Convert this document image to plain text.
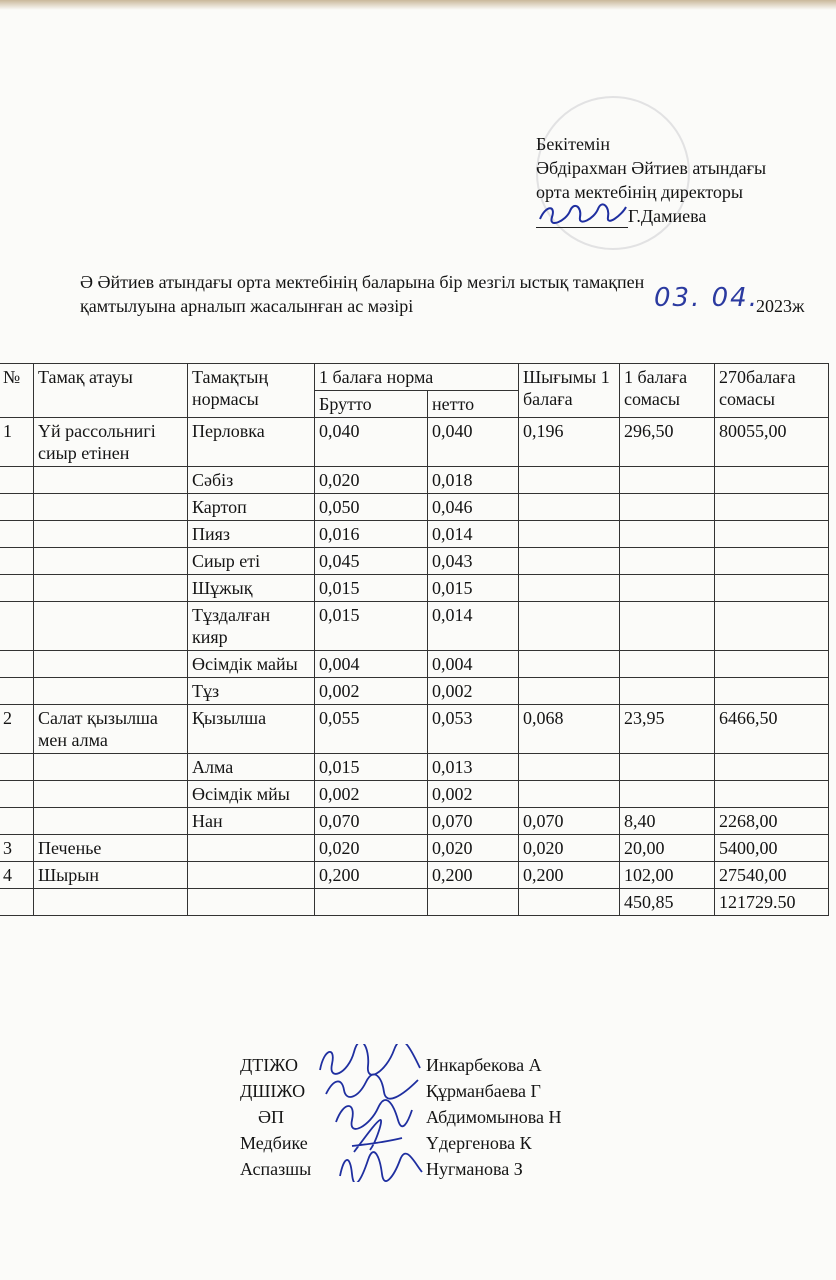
Бекітемін
Әбдірахман Әйтиев атындағы
орта мектебінің директоры
Г.Дамиева
Ә Әйтиев атындағы орта мектебінің баларына бір мезгіл ыстық тамақпен
қамтылуына арналып жасалынған ас мәзірі	03. 04.
2023ж
№	Тамақ атауы	Тамақтың нормасы	1 балаға норма		Шығымы 1 балаға	1 балаға сомасы	270балаға сомасы
			Брутто	нетто			
1	Үй рассольнигі сиыр етінен	Перловка	0,040	0,040	0,196	296,50	80055,00
		Сәбіз	0,020	0,018			
		Картоп	0,050	0,046			
		Пияз	0,016	0,014			
		Сиыр еті	0,045	0,043			
		Шұжық	0,015	0,015			
		Тұздалған кияр	0,015	0,014			
		Өсімдік майы	0,004	0,004			
		Тұз	0,002	0,002			
2	Салат қызылша мен алма	Қызылша	0,055	0,053	0,068	23,95	6466,50
		Алма	0,015	0,013			
		Өсімдік мйы	0,002	0,002			
		Нан	0,070	0,070	0,070	8,40	2268,00
3	Печенье		0,020	0,020	0,020	20,00	5400,00
4	Шырын		0,200	0,200	0,200	102,00	27540,00
						450,85	121729.50
ДТІЖО	Инкарбекова А
ДШІЖО	Құрманбаева Г
ӘП	Абдимомынова Н
Медбике	Үдергенова К
Аспазшы	Нугманова З
